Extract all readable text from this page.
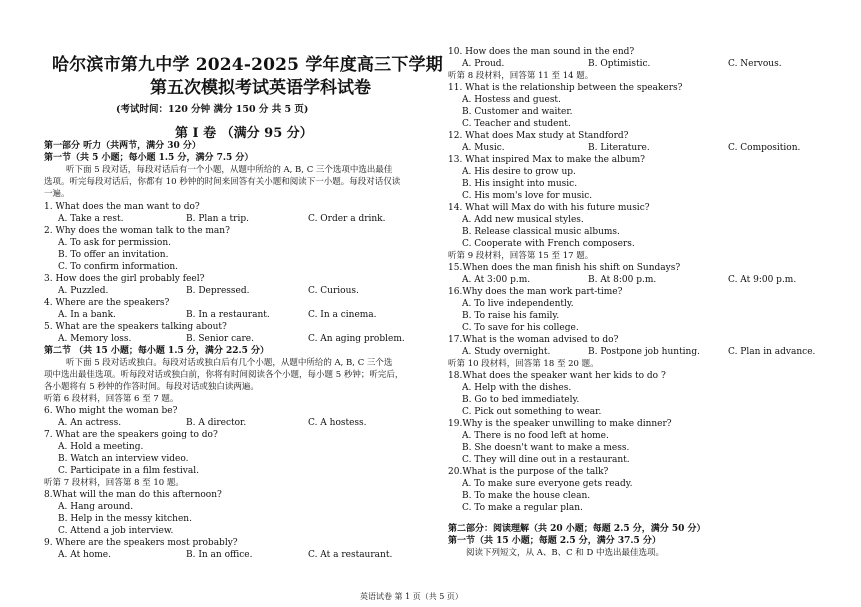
哈尔滨市第九中学 2024-2025 学年度高三下学期
第五次模拟考试英语学科试卷
(考试时间：120 分钟 满分 150 分 共 5 页)
第 I 卷 （满分 95 分）
第一部分 听力（共两节，满分 30 分）
第一节（共 5 小题；每小题 1.5 分，满分 7.5 分）
听下面 5 段对话，每段对话后有一个小题，从题中所给的 A, B, C 三个选项中选出最佳
选项。听完每段对话后，你都有 10 秒钟的时间来回答有关小题和阅读下一小题。每段对话仅读
一遍。
1. What does the man want to do?
A. Take a rest.	B. Plan a trip.	C. Order a drink.
2. Why does the woman talk to the man?
A. To ask for permission.
B. To offer an invitation.
C. To confirm information.
3. How does the girl probably feel?
A. Puzzled.	B. Depressed.	C. Curious.
4. Where are the speakers?
A. In a bank.	B. In a restaurant.	C. In a cinema.
5. What are the speakers talking about?
A. Memory loss.	B. Senior care.	C. An aging problem.
第二节 （共 15 小题；每小题 1.5 分，满分 22.5 分）
听下面 5 段对话或独白。每段对话或独白后有几个小题，从题中所给的 A, B, C 三个选
项中选出最佳选项。听每段对话或独白前，你将有时间阅读各个小题，每小题 5 秒钟；听完后，
各小题将有 5 秒钟的作答时间。每段对话或独白读两遍。
听第 6 段材料，回答第 6 至 7 题。
6. Who might the woman be?
A. An actress.	B. A director.	C. A hostess.
7. What are the speakers going to do?
A. Hold a meeting.
B. Watch an interview video.
C. Participate in a film festival.
听第 7 段材料，回答第 8 至 10 题。
8.What will the man do this afternoon?
A. Hang around.
B. Help in the messy kitchen.
C. Attend a job interview.
9. Where are the speakers most probably?
A. At home.	B. In an office.	C. At a restaurant.
10. How does the man sound in the end?
A. Proud.	B. Optimistic.	C. Nervous.
听第 8 段材料，回答第 11 至 14 题。
11. What is the relationship between the speakers?
A. Hostess and guest.
B. Customer and waiter.
C. Teacher and student.
12. What does Max study at Standford?
A. Music.	B. Literature.	C. Composition.
13. What inspired Max to make the album?
A. His desire to grow up.
B. His insight into music.
C. His mom's love for music.
14. What will Max do with his future music?
A. Add new musical styles.
B. Release classical music albums.
C. Cooperate with French composers.
听第 9 段材料，回答第 15 至 17 题。
15.When does the man finish his shift on Sundays?
A. At 3:00 p.m.	B. At 8:00 p.m.	C. At 9:00 p.m.
16.Why does the man work part-time?
A. To live independently.
B. To raise his family.
C. To save for his college.
17.What is the woman advised to do?
A. Study overnight.	B. Postpone job hunting.	C. Plan in advance.
听第 10 段材料，回答第 18 至 20 题。
18.What does the speaker want her kids to do ?
A. Help with the dishes.
B. Go to bed immediately.
C. Pick out something to wear.
19.Why is the speaker unwilling to make dinner?
A. There is no food left at home.
B. She doesn't want to make a mess.
C. They will dine out in a restaurant.
20.What is the purpose of the talk?
A. To make sure everyone gets ready.
B. To make the house clean.
C. To make a regular plan.
第二部分：阅读理解（共 20 小题；每题 2.5 分，满分 50 分）
第一节（共 15 小题；每题 2.5 分，满分 37.5 分）
阅读下列短文，从 A、B、C 和 D 中选出最佳选项。
英语试卷 第 1 页（共 5 页）
